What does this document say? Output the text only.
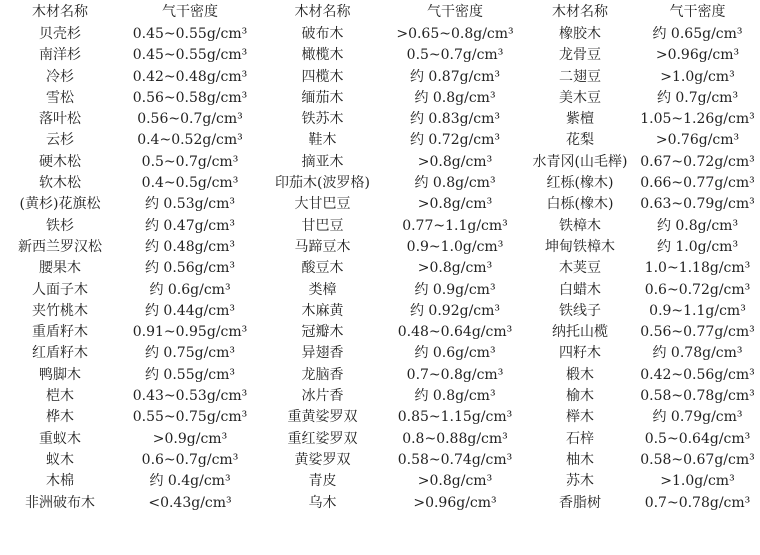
木材名称	气干密度	木材名称	气干密度	木材名称	气干密度
贝壳杉	0.45~0.55g/cm³	破布木	>0.65~0.8g/cm³	橡胶木	约 0.65g/cm³
南洋杉	0.45~0.55g/cm³	橄榄木	0.5~0.7g/cm³	龙骨豆	>0.96g/cm³
冷杉	0.42~0.48g/cm³	四榄木	约 0.87g/cm³	二翅豆	>1.0g/cm³
雪松	0.56~0.58g/cm³	缅茄木	约 0.8g/cm³	美木豆	约 0.7g/cm³
落叶松	0.56~0.7g/cm³	铁苏木	约 0.83g/cm³	紫檀	1.05~1.26g/cm³
云杉	0.4~0.52g/cm³	鞋木	约 0.72g/cm³	花梨	>0.76g/cm³
硬木松	0.5~0.7g/cm³	摘亚木	>0.8g/cm³	水青冈(山毛榉)	0.67~0.72g/cm³
软木松	0.4~0.5g/cm³	印茄木(波罗格)	约 0.8g/cm³	红栎(橡木)	0.66~0.77g/cm³
(黄杉)花旗松	约 0.53g/cm³	大甘巴豆	>0.8g/cm³	白栎(橡木)	0.63~0.79g/cm³
铁杉	约 0.47g/cm³	甘巴豆	0.77~1.1g/cm³	铁樟木	约 0.8g/cm³
新西兰罗汉松	约 0.48g/cm³	马蹄豆木	0.9~1.0g/cm³	坤甸铁樟木	约 1.0g/cm³
腰果木	约 0.56g/cm³	酸豆木	>0.8g/cm³	木荚豆	1.0~1.18g/cm³
人面子木	约 0.6g/cm³	类樟	约 0.9g/cm³	白蜡木	0.6~0.72g/cm³
夹竹桃木	约 0.44g/cm³	木麻黄	约 0.92g/cm³	铁线子	0.9~1.1g/cm³
重盾籽木	0.91~0.95g/cm³	冠瓣木	0.48~0.64g/cm³	纳托山榄	0.56~0.77g/cm³
红盾籽木	约 0.75g/cm³	异翅香	约 0.6g/cm³	四籽木	约 0.78g/cm³
鸭脚木	约 0.55g/cm³	龙脑香	0.7~0.8g/cm³	椴木	0.42~0.56g/cm³
桤木	0.43~0.53g/cm³	冰片香	约 0.8g/cm³	榆木	0.58~0.78g/cm³
桦木	0.55~0.75g/cm³	重黄娑罗双	0.85~1.15g/cm³	榉木	约 0.79g/cm³
重蚁木	>0.9g/cm³	重红娑罗双	0.8~0.88g/cm³	石梓	0.5~0.64g/cm³
蚁木	0.6~0.7g/cm³	黄娑罗双	0.58~0.74g/cm³	柚木	0.58~0.67g/cm³
木棉	约 0.4g/cm³	青皮	>0.8g/cm³	苏木	>1.0g/cm³
非洲破布木	<0.43g/cm³	乌木	>0.96g/cm³	香脂树	0.7~0.78g/cm³
